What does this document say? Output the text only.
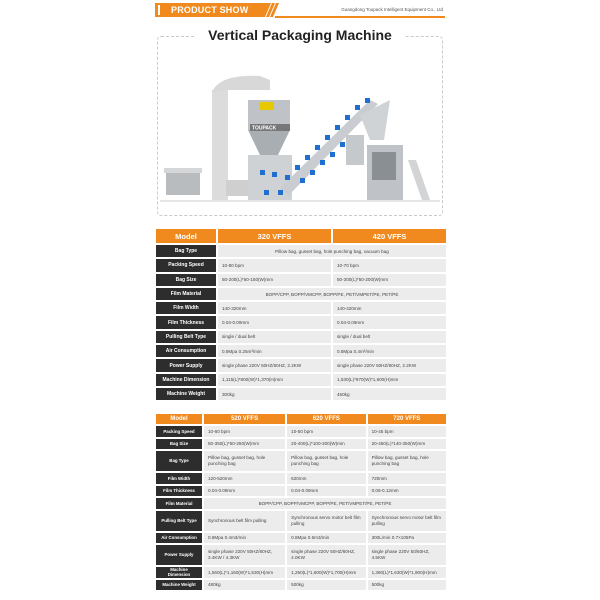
PRODUCT SHOW	Guangdong Toupack Intelligent Equipment Co., Ltd
Vertical Packaging Machine
TOUPACK
Model	320 VFFS	420 VFFS
Bag Type	Pillow bag, gusset bag, hole punching bag, vacuum bag	
Packing Speed	10-80 bpm	10-70 bpm
Bag Size	50-200(L)*50-150(W)mm	50-300(L)*50-200(W)mm
Film Material	BOPP/CPP, BOPP/VMCPP, BOPP/PE, PET/VMPET/PE, PET/PE	
Film Width	140-320mm	140-420mm
Film Thickness	0.04-0.09mm	0.04-0.09mm
Pulling Belt Type	single / dual belt	single / dual belt
Air Consumption	0.8Mpa 0.25m³/min	0.8Mpa 0.4m³/min
Power Supply	single phase 220V 50HZ/60HZ, 2.2KW	single phase 220V 50HZ/60HZ, 2.2KW
Machine Dimension	1,115(L)*800(W)*1,370(H)mm	1,530(L)*970(W)*1,600(H)mm
Machine Weight	300kg	450kg
Model	520 VFFS	620 VFFS	720 VFFS
Packing Speed	10-60 bpm	10-50 bpm	10-45 bpm
Bag Size	50-350(L)*50-250(W)mm	20-400(L)*100-300(W)mm	20-450(L)*140-350(W)mm
Bag Type	Pillow bag, gusset bag, hole punching bag	Pillow bag, gusset bag, hole punching bag	Pillow bag, gusset bag, hole punching bag
Film Width	120-520mm	620mm	720mm
Film Thickness	0.04-0.09mm	0.04-0.09mm	0.06-0.12mm
Film Material	BOPP/CPP, BOPP/VMCPP, BOPP/PE, PET/VMPET/PE, PET/PE		
Pulling Belt Type	Synchronous belt film pulling	Synchronous servo motor belt film pulling	Synchronous servo motor belt film pulling
Air Consumption	0.8Mpa 0.4m3/min	0.8Mpa 0.6m3/min	300L/min 0.7×105Pa
Power Supply	single phase 220V 50HZ/60HZ, 3.4KW / 4.3KW	single phase 220V 50HZ/60HZ, 4.0KW	single phase 220V 50/60HZ, 4.5KW
Machine Dimension	1,560(L)*1,160(W)*1,530(H)mm	1,250(L)*1,600(W)*1,700(H)mm	1,360(L)*1,630(W)*1,900(H)mm
Machine Weight	480kg	500kg	500kg
